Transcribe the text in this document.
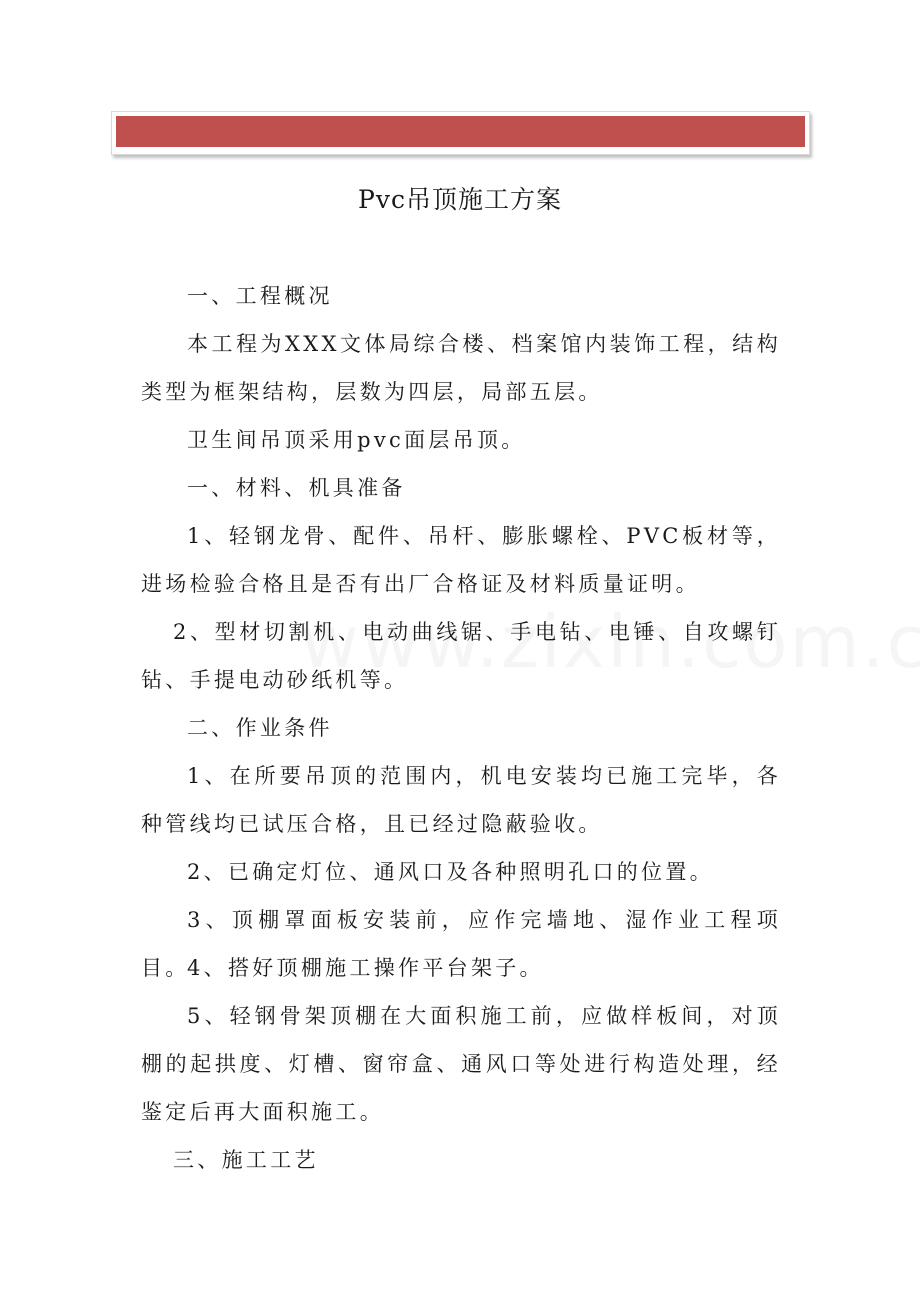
Pvc吊顶施工方案

一、工程概况

本工程为XXX文体局综合楼、档案馆内装饰工程，结构类型为框架结构，层数为四层，局部五层。

卫生间吊顶采用pvc面层吊顶。

一、材料、机具准备

1、轻钢龙骨、配件、吊杆、膨胀螺栓、PVC板材等，进场检验合格且是否有出厂合格证及材料质量证明。

2、型材切割机、电动曲线锯、手电钻、电锤、自攻螺钉钻、手提电动砂纸机等。

二、作业条件

1、在所要吊顶的范围内，机电安装均已施工完毕，各种管线均已试压合格，且已经过隐蔽验收。

2、已确定灯位、通风口及各种照明孔口的位置。

3、顶棚罩面板安装前，应作完墙地、湿作业工程项目。

4、搭好顶棚施工操作平台架子。

5、轻钢骨架顶棚在大面积施工前，应做样板间，对顶棚的起拱度、灯槽、窗帘盒、通风口等处进行构造处理，经鉴定后再大面积施工。

三、施工工艺
